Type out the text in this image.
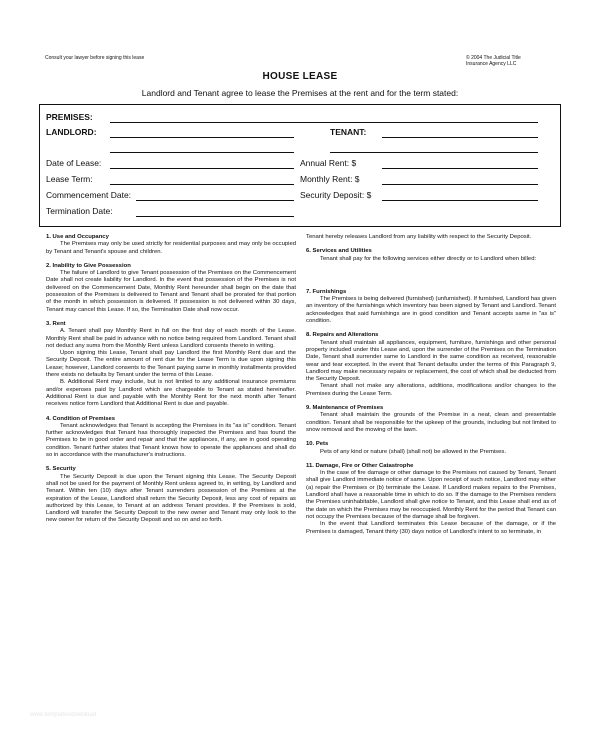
Consult your lawyer before signing this lease	© 2004 The Judicial Title
Insurance Agency LLC
HOUSE LEASE
Landlord and Tenant agree to lease the Premises at the rent and for the term stated:
PREMISES:
LANDLORD:	TENANT:
Date of Lease:	Annual Rent: $
Lease Term:	Monthly Rent: $
Commencement Date:	Security Deposit: $
Termination Date:

1. Use and Occupancy

The Premises may only be used strictly for residential purposes and may only be occupied by Tenant and Tenant's spouse and children.

2. Inability to Give Possession

The failure of Landlord to give Tenant possession of the Premises on the Commencement Date shall not create liability for Landlord. In the event that possession of the Premises is not delivered on the Commencement Date, Monthly Rent hereunder shall begin on the date that possession of the Premises is delivered to Tenant and Tenant shall be prorated for that portion of the month in which possession is delivered. If possession is not delivered within 30 days, Tenant may cancel this Lease. If so, the Termination Date shall now occur.

3. Rent

A. Tenant shall pay Monthly Rent in full on the first day of each month of the Lease. Monthly Rent shall be paid in advance with no notice being required from Landlord. Tenant shall not deduct any sums from the Monthly Rent unless Landlord consents thereto in writing.

Upon signing this Lease, Tenant shall pay Landlord the first Monthly Rent due and the Security Deposit. The entire amount of rent due for the Lease Term is due upon signing this Lease; however, Landlord consents to the Tenant paying same in monthly installments provided there exists no defaults by Tenant under the terms of this Lease.

B. Additional Rent may include, but is not limited to any additional insurance premiums and/or expenses paid by Landlord which are chargeable to Tenant as stated hereinafter. Additional Rent is due and payable with the Monthly Rent for the next month after Tenant receives notice form Landlord that Additional Rent is due and payable.

4. Condition of Premises

Tenant acknowledges that Tenant is accepting the Premises in its "as is" condition. Tenant further acknowledges that Tenant has thoroughly inspected the Premises and has found the Premises to be in good order and repair and that the appliances, if any, are in good operating condition. Tenant further states that Tenant knows how to operate the appliances and shall do so in accordance with the manufacturer's instructions.

5. Security

The Security Deposit is due upon the Tenant signing this Lease. The Security Deposit shall not be used for the payment of Monthly Rent unless agreed to, in writing, by Landlord and Tenant. Within ten (10) days after Tenant surrenders possession of the Premises at the expiration of the Lease, Landlord shall return the Security Deposit, less any cost of repairs as authorized by this Lease, to Tenant at an address Tenant provides. If the Premises is sold, Landlord will transfer the Security Deposit to the new owner and Tenant may only look to the new owner for return of the Security Deposit and so on and so forth.

Tenant hereby releases Landlord from any liability with respect to the Security Deposit.

6. Services and Utilities

Tenant shall pay for the following services either directly or to Landlord when billed:

7. Furnishings

The Premises is being delivered (furnished) (unfurnished). If furnished, Landlord has given an inventory of the furnishings which inventory has been signed by Tenant and Landlord. Tenant acknowledges that said furnishings are in good condition and Tenant accepts same in "as is" condition.

8. Repairs and Alterations

Tenant shall maintain all appliances, equipment, furniture, furnishings and other personal property included under this Lease and, upon the surrender of the Premises on the Termination Date, Tenant shall surrender same to Landlord in the same condition as received, reasonable wear and tear excepted. In the event that Tenant defaults under the terms of this Paragraph 9, Landlord may make necessary repairs or replacement, the cost of which shall be deducted from the Security Deposit.

Tenant shall not make any alterations, additions, modifications and/or changes to the Premises during the Lease Term.

9. Maintenance of Premises

Tenant shall maintain the grounds of the Premise in a neat, clean and presentable condition. Tenant shall be responsible for the upkeep of the grounds, including but not limited to snow removal and the mowing of the lawn.

10. Pets

Pets of any kind or nature (shall) (shall not) be allowed in the Premises.

11. Damage, Fire or Other Catastrophe

In the case of fire damage or other damage to the Premises not caused by Tenant, Tenant shall give Landlord immediate notice of same. Upon receipt of such notice, Landlord may either (a) repair the Premises or (b) terminate the Lease. If Landlord makes repairs to the Premises, Landlord shall have a reasonable time in which to do so. If the damage to the Premises renders the Premises uninhabitable, Landlord shall give notice to Tenant, and this Lease shall end as of the date on which the Premises may be reoccupied. Monthly Rent for the period that Tenant can not occupy the Premises because of the damage shall be forgiven.

In the event that Landlord terminates this Lease because of the damage, or if the Premises is damaged, Tenant thirty (30) days notice of Landlord's intent to so terminate, in

www.templatesdownload
